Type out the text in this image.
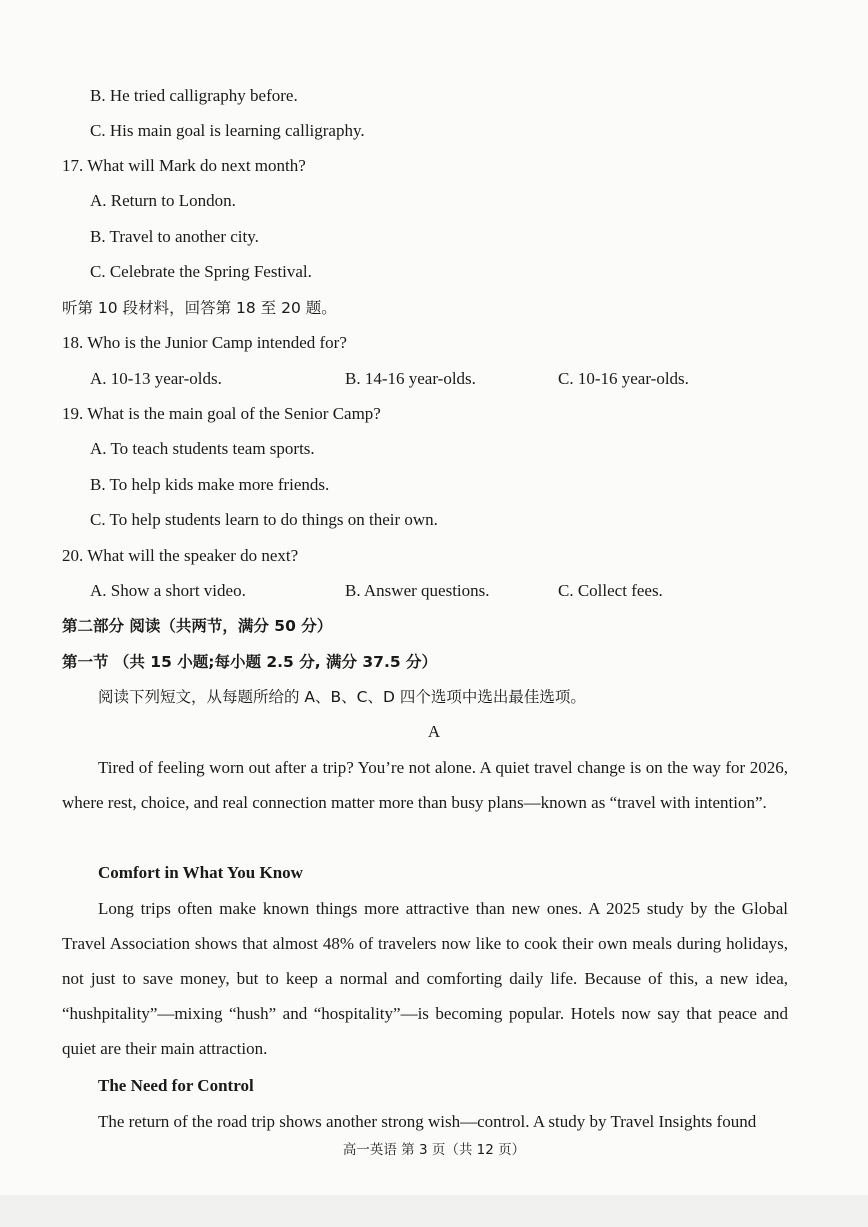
B. He tried calligraphy before.
C. His main goal is learning calligraphy.
17. What will Mark do next month?
A. Return to London.
B. Travel to another city.
C. Celebrate the Spring Festival.
听第 10 段材料，回答第 18 至 20 题。
18. Who is the Junior Camp intended for?
A. 10-13 year-olds.	B. 14-16 year-olds.	C. 10-16 year-olds.
19. What is the main goal of the Senior Camp?
A. To teach students team sports.
B. To help kids make more friends.
C. To help students learn to do things on their own.
20. What will the speaker do next?
A. Show a short video.	B. Answer questions.	C. Collect fees.
第二部分 阅读（共两节，满分 50 分）
第一节 （共 15 小题;每小题 2.5 分, 满分 37.5 分）
阅读下列短文，从每题所给的 A、B、C、D 四个选项中选出最佳选项。
A
Tired of feeling worn out after a trip? You’re not alone. A quiet travel change is on the way for 2026, where rest, choice, and real connection matter more than busy plans—known as “travel with intention”.
Comfort in What You Know
Long trips often make known things more attractive than new ones. A 2025 study by the Global Travel Association shows that almost 48% of travelers now like to cook their own meals during holidays, not just to save money, but to keep a normal and comforting daily life. Because of this, a new idea, “hushpitality”—mixing “hush” and “hospitality”—is becoming popular. Hotels now say that peace and quiet are their main attraction.
The Need for Control
The return of the road trip shows another strong wish—control. A study by Travel Insights found
高一英语 第 3 页（共 12 页）
